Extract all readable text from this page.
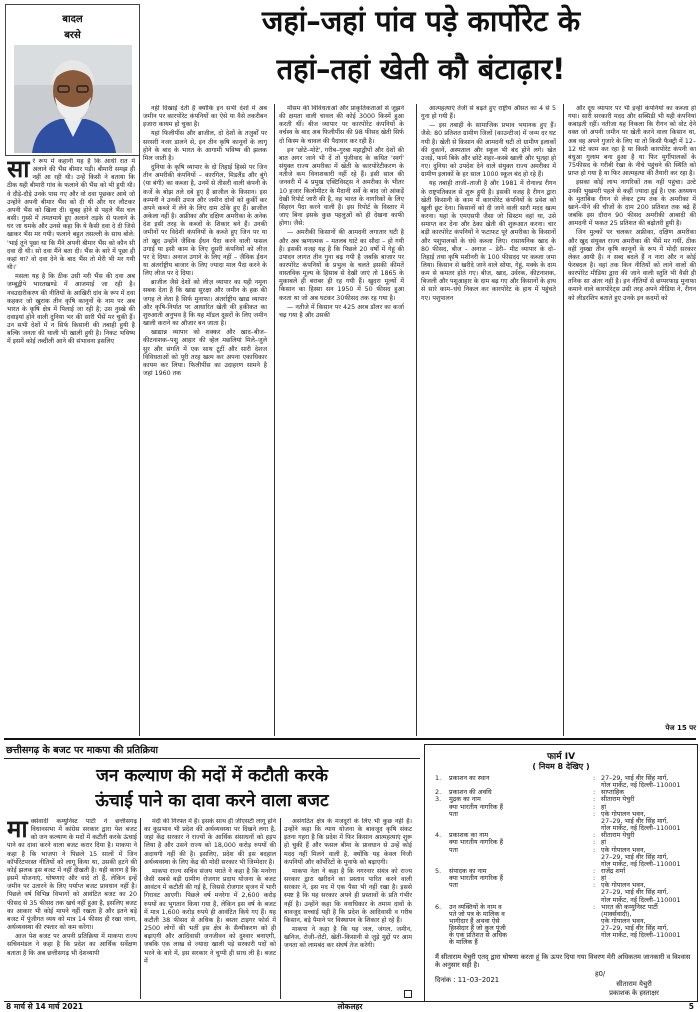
बादल
बरसे	जहां–जहां पांव पड़े कार्पोरेट के
तहां–तहां खेती कौ बंटाढ़ार!
सा रे रूप में कहानी यह है कि आधी रात में अलाने की भैंस बीमार पड़ी। बीमारी समझ ही नहीं आ रही थी। उन्हें किसी ने बताया कि ठीक यही बीमारी गांव के फलाने की भैंस को भी हुयी थी। वे दौड़े-दौड़े उनके पास गए और वो दवा पूछकर आये जो उन्होंने अपनी बीमार भैंस को दी थी और घर लौटकर अपनी भैंस को खिला दी। सुबह होने से पहले भैंस चल बसी। गुस्से में तमतमाये हुए अलाने तड़के से फलाने के घर जा धमके और उनसे कहा कि ये कैसी दवा दे दी जिसे खाकर भैंस मर गयी। फलाने बहुत तसल्ली के साथ बोले: 'भाई तूने पूछा था कि मैंने अपनी बीमार भैंस को कौन सी दवा दी थी। सो दवा मैंने बता दी। भैंस के बारे में पूछा ही कहां था? वो दवा देने के बाद भैंस तो मेरी भी मर गयी थी।'

मसला यह है कि ठीक उसी मरी भैंस की दवा अब जम्बूद्वीपे भारतखण्डे में आजमाई जा रही है। नवउदारीकरण की नीतियों के आखिरी दांव के रूप में दवा कहकर जो खुराक तीन कृषि कानूनों के नाम पर अब भारत के कृषि क्षेत्र में पिलाई जा रही है; उस नुस्खे की दवाइयां होने वाली दुनिया भर की सारी भैंसें मर चुकी हैं। उन सभी देशों में न सिर्फ किसानी की तबाही हुयी है बल्कि जनता की थाली भी खाली हुयी है। निकट भविष्य में इसमें कोई तब्दीली आने की संभावना इसलिए

नहीं दिखाई देती है क्योंकि इन सभी देशों में अब जमीन पर कारपोरेट कंपनियों का ऐसे या वैसे तकरीबन इजारा कायम हो चुका है।

यहां फिलीपींस और ब्राजील, दो देशों के तजुर्बों पर सरसरी नजर डालने से, इन तीन कृषि कानूनों के लागू होने के बाद के भारत के आगामी भविष्य की झलक मिल जाती है।

दुनिया के कृषि व्यापार के दो तिहाई हिस्से पर जिन तीन अमरीकी कंपनियों – कारगिल, मिडलैंड और बुंगे (या बंगी) का कब्जा है, उनमें से तीसरी वाली कंपनी के कर्जे के बोझ तले दबे हुए हैं ब्राजील के किसान। इस कम्पनी ने उनकी उपज और जमीन दोनों को कुर्की कर अपने कब्जे में लेने के लिए दाम ठोंके हुए हैं। ब्राजील अकेला नहीं है। अफ्रीका और दक्षिण अमरीका के अनेक देश इसी तरह के कब्जों के शिकार बने हैं। उनकी जमीनों पर विदेशी कंपनियों के कब्जे हुए जिन पर या तो खुद उन्होंने जैविक ईंधन पैदा करने वाली फसल उगाई या इसी काम के लिए दूसरी कंपनियों को लीज पर दे दिया। अनाज उगाने के लिए नहीं – जैविक ईंधन या अंतर्राष्ट्रीय बाजार के लिए ज्यादा माल पैदा करने के लिए लीज पर दे दिया।

ब्राजील जैसे देशों को लीज़ व्यापार का यही नमूना सबक देता है कि खाद्य सुरक्षा और जमीन के हक़ की जगह ले लेता है सिर्फ मुनाफा। अंतर्राष्ट्रीय खाद्य व्यापार और कृषि-निर्यात पर आधारित खेती की हकीकत का शुरुआती अनुभव है कि यह मॉडल दूसरों के लिए जमीन खाली कराने का औजार बन जाता है।

खाद्यान्न व्यापार को शक्कर और खाद–बीज–कीटनाशक–पशु आहार की व्हेल मछलियां मिले–जुले सुर और संगति में एक साथ टूटीं और सारी देशज विविधताओं को पूरी तरह खत्म कर अपना एकाधिकार कायम कर लिया। फिलीपींस का उदाहरण सामने है जहां 1960 तक

मौसम की विविधताओं और प्राकृतिकताओं से जूझने की क्षमता वाली चावल की कोई 3000 किस्में हुआ करती थीं। बीज व्यापार पर कारपोरेट कंपनियों के वर्चस्व के बाद अब फिलीपींस की 98 फीसद खेती सिर्फ दो किस्म के चावल की पैदावार कर रही है।

इन 'छोटे–मोटे', गरीब–गुरबा महाद्वीपों और देशों की बात अगर जाने भी दें तो पूंजीवाद के कथित 'स्वर्ग' संयुक्त राज्य अमरीका में खेती के कारपोरेटीकरण के नतीजे कम विनाशकारी नहीं रहे हैं। इसी साल की जनवरी में 4 प्रमुख एक्टिविस्ट्स ने अमरीका के भीतर 10 हजार किलोमीटर के मैदानी सर्वे के बाद जो आंकड़ें देखी रिपोर्ट जारी की है, वह भारत के नागरिकों के लिए सिहरन पैदा करने वाली है। इस रिपोर्ट के विस्तार में जाए बिना इसके कुछ पहलुओं को ही देखना काफी होगा। जैसे:

— अमरीकी किसानों की आमदनी लगातार घटी है और अब ऋणात्मक – मतलब घाटे का सौदा – हो गयी है। इसकी वजह यह है कि पिछले 20 वर्षों में गेहूं की उपादन लागत तीन गुना बढ़ गयी है जबकि बाजार पर कारपोरेट कंपनियों के प्रभुत्व के चलते इसकी कीमतें वास्तविक मूल्य के हिसाब से देखी जाएं तो 1865 के मुकाबले ही बराबर ही रह गयी हैं। खुदरा मूल्यों में किसान का हिस्सा सन 1950 में 50 फीसद हुआ करता था जो अब घटकर 30फीसद तक रह गया है।

— नतीजे में किसान पर 425 अरब डॉलर का कर्जा चढ़ गया है और उसकी

आत्महत्याएं तेजी से बढ़ते हुए राष्ट्रीय औसत का 4 से 5 गुना हो गयी हैं।

— इस तबाही के सामाजिक प्रभाव भयानक हुए हैं। जैसे: 80 प्रतिशत ग्रामीण जिलों (काउन्टीज) में जन्म दर घट गयी है। खेती से किसान की आमदनी घटी तो ग्रामीण इलाकों की दुकानें, अस्पताल और स्कूल भी बंद होने लगे। खेत उजड़े, फार्म बिके और छोटे शहर–कस्बे खाली और भुतहा हो गए। दुनिया को उपदेश देने वाले संयुक्त राज्य अमरीका में ग्रामीण इलाकों के हर साल 1000 स्कूल बंद हो रहे हैं।

यह तबाही ताजी–ताजी है और 1981 में रोनाल्ड रीगन के राष्ट्रपतिकाल से शुरू हुयी है। इसकी वजह है रीगन द्वारा खेती किसानी के काम में कारपोरेट कंपनियों के प्रवेश को खुली छूट देना। किसानों को दी जाने वाली सारी मदद खत्म करना। यहां के एमएसपी जैसा जो सिस्टम वहां था, उसे समाप्त कर देना और ठेका खेती की शुरूआत करना। चार बड़ी कारपोरेट कंपनियों ने फटाफट पूरे अमरीका के किसानों और पशुपालकों के धंधे कब्जा लिए। रासायनिक खाद के 80 फीसद, बीज – अनाज – डेरी– मीट व्यापार के दो–तिहाई तथा कृषि मशीनरी के 100 फीसदद पर कब्जा जमा लिया। किसान से खरीदे जाने वाले सोया, गेहूं, मक्के के दाम कम से कमतर होते गए। बीज, खाद, उर्वरक, कीटनाशक, बिजली और पशुआहार के दाम बढ़ गए और किसानों के हाथ से सारे काम–धंधे निकल कर कारपोरेट के हाथ में पहुंचते गए। पशुपालन

और दूध व्यापार पर भी इन्हीं कंपनियों का कब्जा हो गया। सारी सरकारी मदद और सब्सिडी भी यही कंपनियां कबाड़ती रहीं। नतीजा यह निकला कि रीगन को वोट देने वक्त जो अपनी जमीन पर खेती करने वाला किसान था, अब वह अपने गुजारे के लिए या तो किसी फैक्ट्री में 12–12 घंटे काम कर रहा है या किसी कारपोरेट कंपनी का बंधुआ गुलाम बना हुआ है या फिर मुर्गीपालकों के 75फीसद के गरीबी रेखा के नीचे पहुंचने की स्थिति को प्राप्त हो गया है या फिर आत्महत्या की तैयारी कर रहा है।

इसका कोई लाभ नागरिकों तक नहीं पहुंचा। उल्टे उनकी भुखमरी पहले से कहीं ज्यादा हुई है। एक अध्ययन के मुताबिक रीगन से लेकर ट्रम्प तक के अमरीका में खाने–पीने की चीजों के दाम 200 प्रतिशत तक बढ़े हैं जबकि इस दौरान 90 फीसद अमरीकी आबादी की आमदनी में फकत 25 प्रतिशत की बढ़ोतरी हुयी है।

जिन मुल्कों पर चलकर अफ्रीका, दक्षिण अमरीका और खुद संयुक्त राज्य अमरीका की भैंसें मर गयीं, ठीक वही नुस्खा तीन कृषि कानूनों के रूप में मोदी सरकार लेकर आयी है। न सब्द बदले हैं न नारा और न कोई फेरबदल है। वहां तक किन नीतियों को लाने वालों की कारपोरेट मीडिया द्वारा की जाने वाली स्तुति भी वैसी ही तनिक सा अंतर नहीं है। इन नीतियों से छप्परफाड़ मुनाफा कमाने वाले कारपोरेट्स उसी तरह अपने मीडिया ने, रीगन को लीडरशिप बताते हुए उनके इन कदमों को

पेज 15 पर
छत्तीसगढ़ के बजट पर माकपा की प्रतिक्रिया
जन कल्याण की मदों में कटौती करके
ऊंचाई पाने का दावा करने वाला बजट
मा र्क्सवादी कम्युनिस्ट पार्टी ने छत्तीसगढ़ विधानसभा में कांग्रेस सरकार द्वारा पेश बजट को जन कल्याण के मदों में कटौती करके ऊंचाई पाने का दावा करने वाला बजट करार दिया है। माकपा ने कहा है कि भाजपा ने पिछले 15 सालों में जिन कॉर्पोरेटपरस्त नीतियों को लागू किया था, उसकी हटने की कोई झलक इस बजट में नहीं दीखती है। यही कारण है कि इसमें योजनाएं, घोषणाएं और वादे तो हैं, लेकिन इन्हें जमीन पर उतारने के लिए पर्याप्त बजट प्रावधान नहीं है। पिछले वर्ष विभिन्न विभागों को आवंटित बजट का 20 फीसद से 35 फीसद तक खर्च नहीं हुआ है, इसलिए बजट का आकार भी कोई मायने नहीं रखता है और इतने बड़े बजट में पूंजीगत व्यय को मात्र 14 फीसद ही रखा जाना, अर्थव्यवस्था की रफ्तार को कम करेगा।

आज पेश बजट पर अपनी प्रतिक्रिया में माकपा राज्य सचिवमंडल ने कहा है कि प्रदेश का आर्थिक सर्वेक्षण बताता है कि अब छत्तीसगढ़ भी देशव्यापी

मंदी की गिरफ्त में है। इसके साथ ही जीएसटी लागू होने का कुप्रभाव भी प्रदेश की अर्थव्यवस्था पर दिखने लगा है, जहां केंद्र सरकार ने राज्यों के आर्थिक संसाधनों को हड़प लिया है और उसने राज्य को 18,000 करोड़ रुपयों की अदायगी नहीं की है। इसलिए, प्रदेश की इस बदहाल अर्थव्यवस्था के लिए केंद्र की मोदी सरकार भी जिम्मेदार है।

माकपा राज्य सचिव संजय पराते ने कहा है कि मनरेगा जैसी सबसे बड़ी ग्रामीण रोजगार प्रदाय योजना के बजट आवंटन में कटौती की गई है, जिससे रोजगार सृजन में भारी गिरावट आएगी। पिछले वर्ष मनरेगा में 2,600 करोड़ रुपयों का भुगतान किया गया है, लेकिन इस वर्ष के बजट में मात्र 1,600 करोड़ रुपये ही आवंटित किये गए हैं। यह कटौती 38 फीसद से अधिक है। बस्तर टाइगर फोर्स में 2500 लोगों की भर्ती इस क्षेत्र के सैन्यीकरण को ही बढ़ाएगी और आदिवासी जनजीवन को दुश्वार बनाएगी, जबकि एक लाख से ज्यादा खाली पड़े सरकारी पदों को भरने के बारे में, इस सरकार ने चुप्पी ही साध ली है। बजट में

असंगठित क्षेत्र के मजदूरों के लिए भी कुछ नहीं है। उन्होंने कहा कि न्याय योजना के बावजूद कृषि संकट इतना गहरा है कि प्रदेश में फिर किसान आत्महत्याएं शुरू हो चुकी हैं और फसल बीमा के प्रावधान से उन्हें कोई मदद नहीं मिलने वाली है, क्योंकि यह केवल निजी कंपनियों और कॉर्पोरेटों के मुनाफे को बढ़ाएगी।

माकपा नेता ने कहा है कि नगरनार संयंत्र को राज्य सरकार द्वारा खरीदने का प्रस्ताव पारित करने वाली सरकार ने, इस मद में एक पैसा भी नहीं रखा है। इससे स्पष्ट है कि यह सरकार अपने ही प्रस्तावों के प्रति गंभीर नहीं है। उन्होंने कहा कि वनाधिकार के तमाम दावों के बावजूद सच्चाई यही है कि प्रदेश के आदिवासी व गरीब किसान, बड़े पैमाने पर विस्थापन के शिकार हो रहे हैं।

माकपा ने कहा है कि यह जल, जंगल, जमीन, खनिज, रोजी–रोटी, खेती–किसानी से जुड़े मुद्दों पर आम जनता को लामबंद कर संघर्ष तेज करेगी।

फार्म IV
( नियम 8 देखिए )
1. प्रकाशन का स्थान	: 27–29, भाई वीर सिंह मार्ग,
गोल मार्केट, नई दिल्ली–110001
2. प्रकाशन की अवधि	: साप्ताहिक
3. मुद्रक का नाम	: सीताराम येचुरी
क्या भारतीय नागरिक हैं	: हां
पता	: एके गोपालन भवन,
27–29, भाई वीर सिंह मार्ग,
गोल मार्केट, नई दिल्ली–110001
4. प्रकाशक का नाम	: सीताराम येचुरी
क्या भारतीय नागरिक हैं	: हां
पता	: एके गोपालन भवन,
27–29, भाई वीर सिंह मार्ग,
गोल मार्केट, नई दिल्ली–110001
5. संपादक का नाम	: राजेंद्र शर्मा
क्या भारतीय नागरिक हैं	: हां
पता	: एके गोपालन भवन,
27–29, भाई वीर सिंह मार्ग,
गोल मार्केट, नई दिल्ली–110001
6. उन व्यक्तियों के नाम व	: भारत की कम्युनिस्ट पार्टी
पते जो पत्र के मालिक व	(मार्क्सवादी),
भागीदार हैं अथवा ऐसे	एके गोपालन भवन,
हिस्सेदार हैं जो कुल पूंजी	27–29, भाई वीर सिंह मार्ग,
के एक प्रतिशत से अधिक	गोल मार्केट, नई दिल्ली–110001
के मालिक हैं
मैं सीताराम येचुरी एतद् द्वारा घोषणा करता हूं कि ऊपर दिया गया विवरण मेरी अधिकतम जानकारी व विश्वास के अनुसार सही है।
दिनांक : 11–03–2021
ह0/
सीताराम येचुरी
प्रकाशक के हस्ताक्षर
8 मार्च से 14 मार्च 2021	लोकलहर	5
